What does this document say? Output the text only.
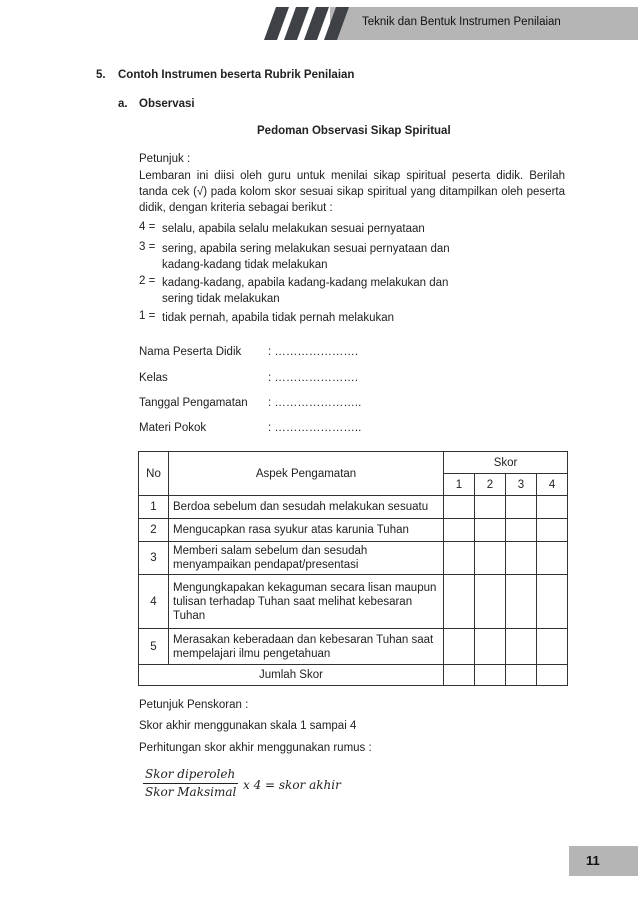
Teknik dan Bentuk Instrumen Penilaian
5. Contoh Instrumen beserta Rubrik Penilaian
a. Observasi
Pedoman Observasi Sikap Spiritual
Petunjuk :
Lembaran ini diisi oleh guru untuk menilai sikap spiritual peserta didik. Berilah tanda cek (√) pada kolom skor sesuai sikap spiritual yang ditampilkan oleh peserta didik, dengan kriteria sebagai berikut :
4 = selalu, apabila selalu melakukan sesuai pernyataan
3 = sering, apabila sering melakukan sesuai pernyataan dan
kadang-kadang tidak melakukan
2 = kadang-kadang, apabila kadang-kadang melakukan dan
sering tidak melakukan
1 = tidak pernah, apabila tidak pernah melakukan
Nama Peserta Didik : ………………….
Kelas	: ………………….
Tanggal Pengamatan : …………………..
Materi Pokok	: …………………..
No	Aspek Pengamatan	Skor			
		1	2	3	4
1	Berdoa sebelum dan sesudah melakukan sesuatu				
2	Mengucapkan rasa syukur atas karunia Tuhan				
3	Memberi salam sebelum dan sesudah menyampaikan pendapat/presentasi				
4	Mengungkapakan kekaguman secara lisan maupun tulisan terhadap Tuhan saat melihat kebesaran Tuhan				
5	Merasakan keberadaan dan kebesaran Tuhan saat mempelajari ilmu pengetahuan				
Jumlah Skor					
Petunjuk Penskoran :
Skor akhir menggunakan skala 1 sampai 4
Perhitungan skor akhir menggunakan rumus :
Skor diperoleh
Skor Maksimal x 4 = skor akhir
11
